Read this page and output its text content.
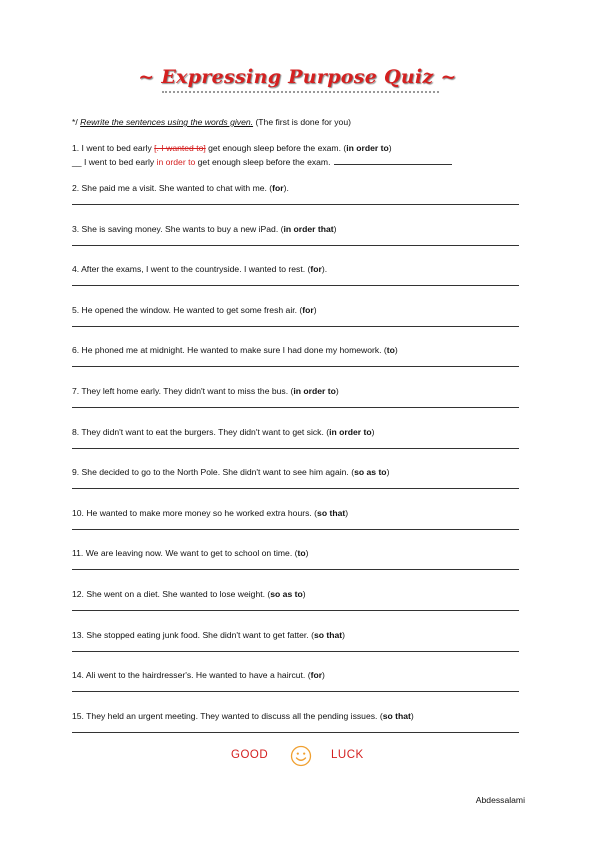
~ Expressing Purpose Quiz ~
*/ Rewrite the sentences using the words given. (The first is done for you)
1. I went to bed early [. I wanted to] get enough sleep before the exam. (in order to)
__ I went to bed early in order to get enough sleep before the exam.
2. She paid me a visit. She wanted to chat with me. (for).
3. She is saving money. She wants to buy a new iPad. (in order that)
4. After the exams, I went to the countryside. I wanted to rest. (for).
5. He opened the window. He wanted to get some fresh air. (for)
6. He phoned me at midnight. He wanted to make sure I had done my homework. (to)
7. They left home early. They didn't want to miss the bus. (in order to)
8. They didn't want to eat the burgers. They didn't want to get sick. (in order to)
9. She decided to go to the North Pole. She didn't want to see him again. (so as to)
10. He wanted to make more money so he worked extra hours. (so that)
11. We are leaving now. We want to get to school on time. (to)
12. She went on a diet. She wanted to lose weight. (so as to)
13. She stopped eating junk food. She didn't want to get fatter. (so that)
14. Ali went to the hairdresser's. He wanted to have a haircut. (for)
15. They held an urgent meeting. They wanted to discuss all the pending issues. (so that)
GOOD	LUCK
Abdessalami
